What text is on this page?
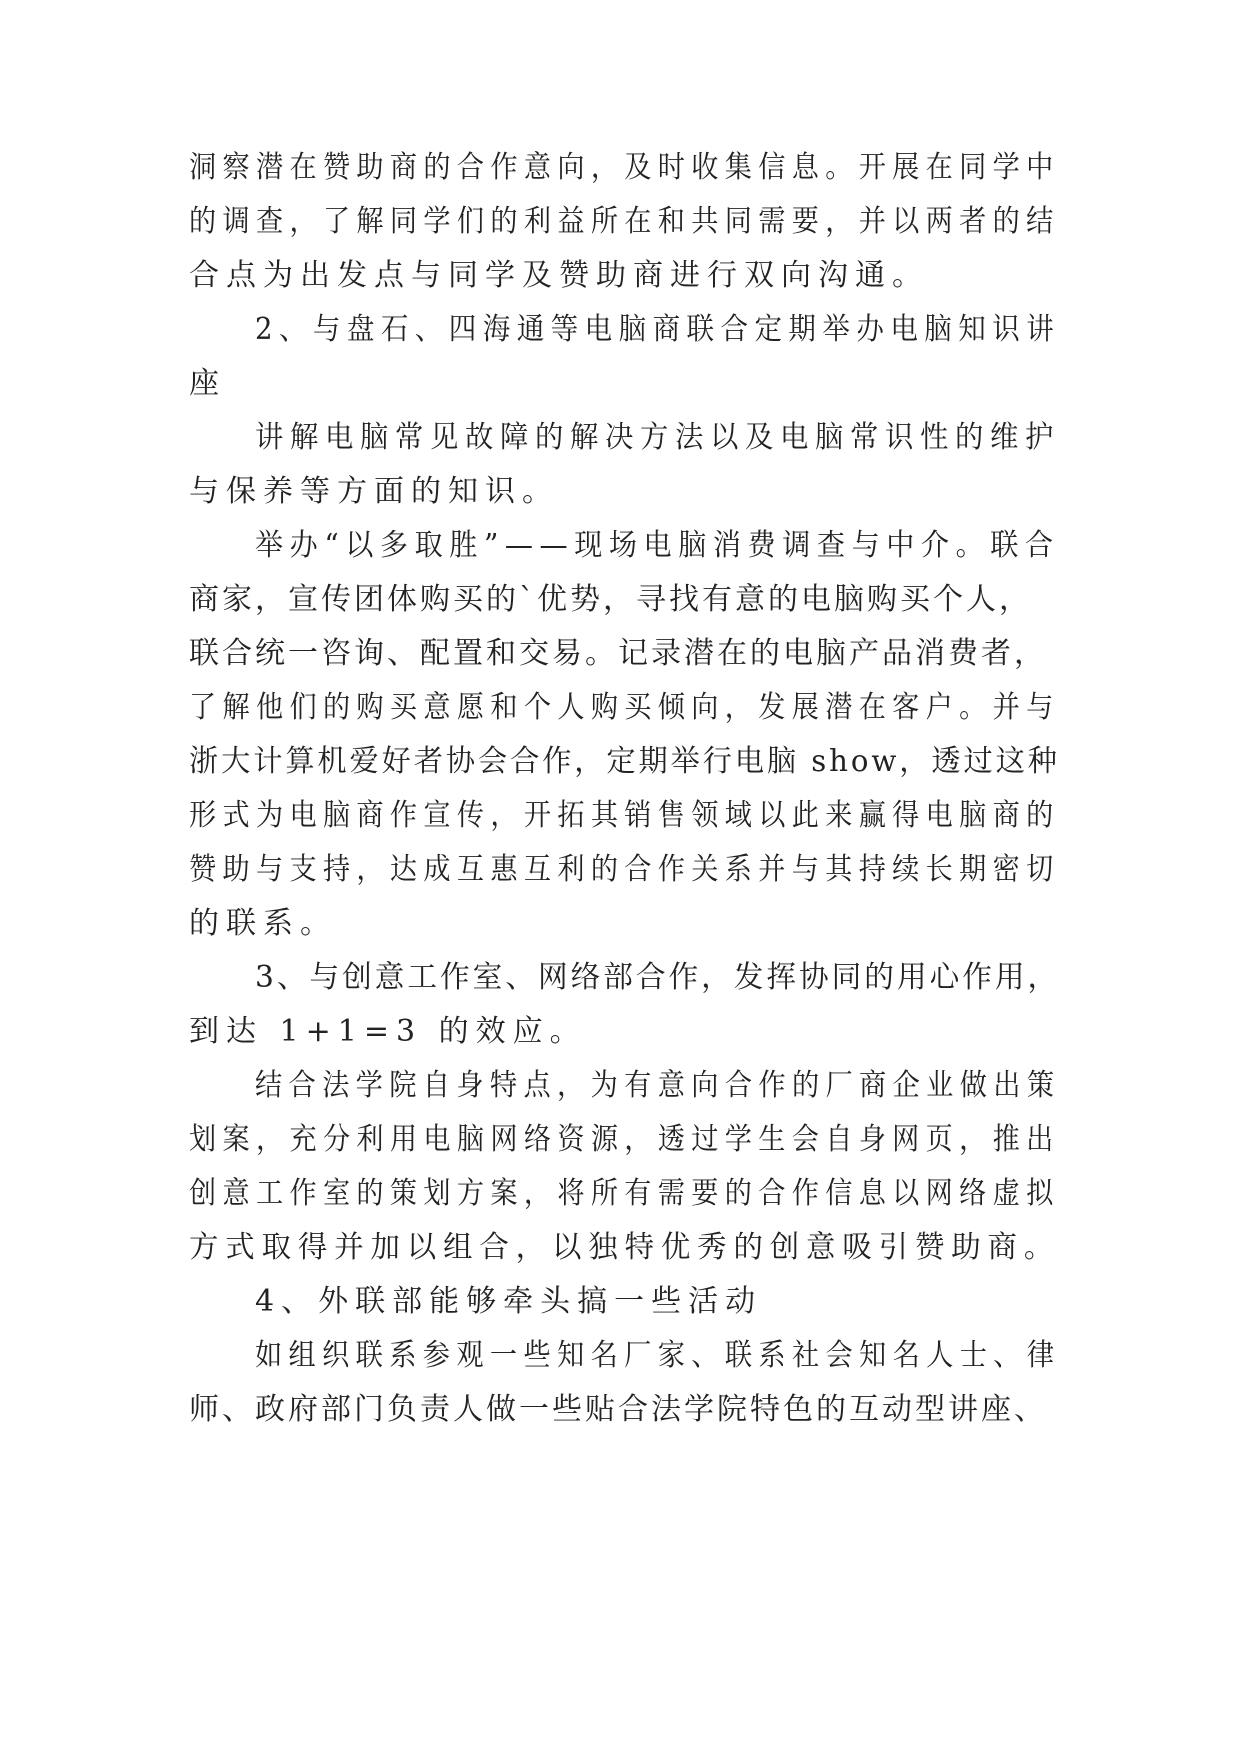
洞察潜在赞助商的合作意向，及时收集信息。开展在同学中

的调查，了解同学们的利益所在和共同需要，并以两者的结

合点为出发点与同学及赞助商进行双向沟通。

2、与盘石、四海通等电脑商联合定期举办电脑知识讲

座

讲解电脑常见故障的解决方法以及电脑常识性的维护

与保养等方面的知识。

举办“以多取胜”——现场电脑消费调查与中介。联合

商家，宣传团体购买的`优势，寻找有意的电脑购买个人，

联合统一咨询、配置和交易。记录潜在的电脑产品消费者，

了解他们的购买意愿和个人购买倾向，发展潜在客户。并与

浙大计算机爱好者协会合作，定期举行电脑 show，透过这种

形式为电脑商作宣传，开拓其销售领域以此来赢得电脑商的

赞助与支持，达成互惠互利的合作关系并与其持续长期密切

的联系。

3、与创意工作室、网络部合作，发挥协同的用心作用，

到达 1+1=3 的效应。

结合法学院自身特点，为有意向合作的厂商企业做出策

划案，充分利用电脑网络资源，透过学生会自身网页，推出

创意工作室的策划方案，将所有需要的合作信息以网络虚拟

方式取得并加以组合，以独特优秀的创意吸引赞助商。

4、外联部能够牵头搞一些活动

如组织联系参观一些知名厂家、联系社会知名人士、律

师、政府部门负责人做一些贴合法学院特色的互动型讲座、
